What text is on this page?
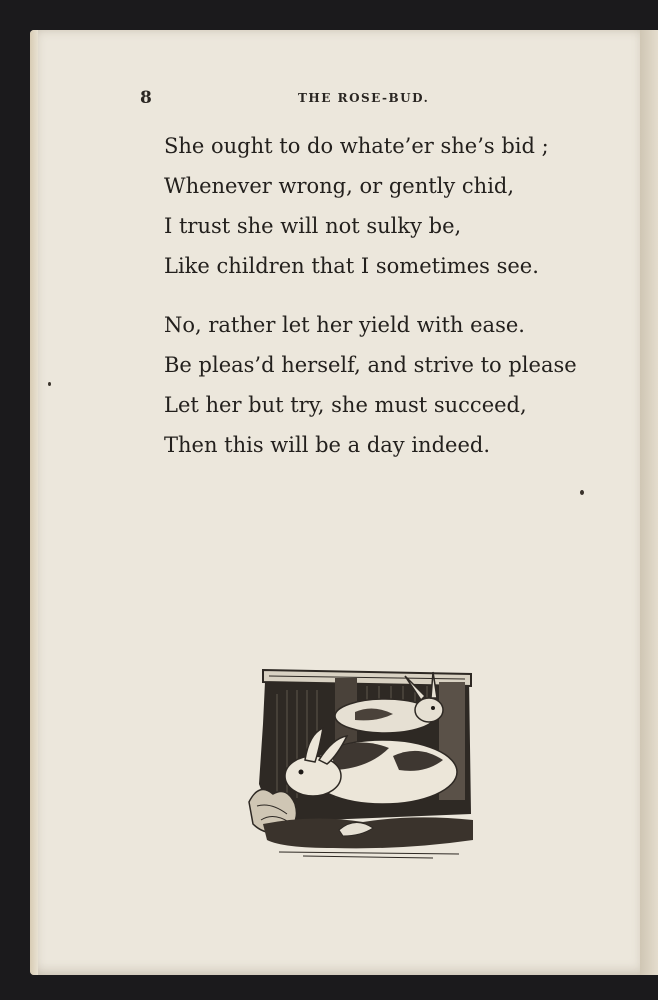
8	THE ROSE-BUD.
She ought to do whate’er she’s bid ;
Whenever wrong, or gently chid,
I trust she will not sulky be,
Like children that I sometimes see.
No, rather let her yield with ease.
Be pleas’d herself, and strive to please
Let her but try, she must succeed,
Then this will be a day indeed.
